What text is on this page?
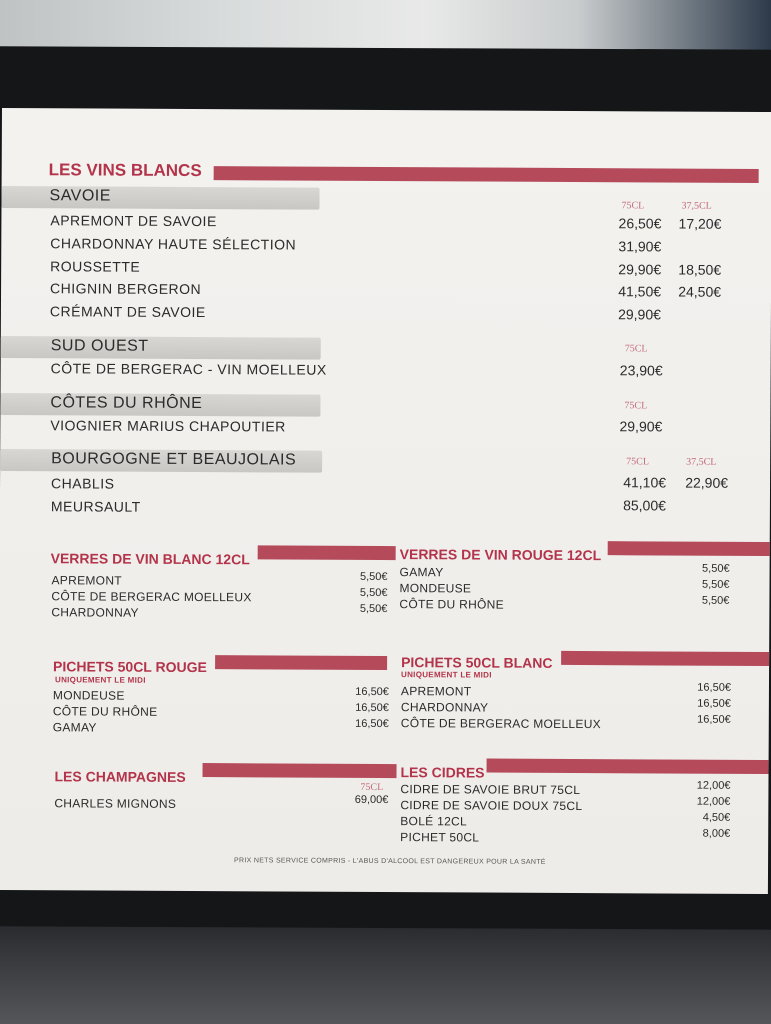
LES VINS BLANCS
SAVOIE
75CL	37,5CL
APREMONT DE SAVOIE	26,50€	17,20€
CHARDONNAY HAUTE SÉLECTION	31,90€
ROUSSETTE	29,90€	18,50€
CHIGNIN BERGERON	41,50€	24,50€
CRÉMANT DE SAVOIE	29,90€
SUD OUEST	75CL
CÔTE DE BERGERAC - VIN MOELLEUX	23,90€
CÔTES DU RHÔNE	75CL
VIOGNIER MARIUS CHAPOUTIER	29,90€
BOURGOGNE ET BEAUJOLAIS	75CL	37,5CL
CHABLIS	41,10€	22,90€
MEURSAULT	85,00€
VERRES DE VIN BLANC 12CL
APREMONT	5,50€
CÔTE DE BERGERAC MOELLEUX	5,50€
CHARDONNAY	5,50€
VERRES DE VIN ROUGE 12CL
GAMAY	5,50€
MONDEUSE	5,50€
CÔTE DU RHÔNE	5,50€
PICHETS 50CL ROUGE
UNIQUEMENT LE MIDI
MONDEUSE	16,50€
CÔTE DU RHÔNE	16,50€
GAMAY	16,50€
PICHETS 50CL BLANC
UNIQUEMENT LE MIDI
APREMONT	16,50€
CHARDONNAY	16,50€
CÔTE DE BERGERAC MOELLEUX	16,50€
LES CHAMPAGNES
75CL
CHARLES MIGNONS	69,00€
LES CIDRES
CIDRE DE SAVOIE BRUT 75CL	12,00€
CIDRE DE SAVOIE DOUX 75CL	12,00€
BOLÉ 12CL	4,50€
PICHET 50CL	8,00€
PRIX NETS SERVICE COMPRIS - L'ABUS D'ALCOOL EST DANGEREUX POUR LA SANTÉ
